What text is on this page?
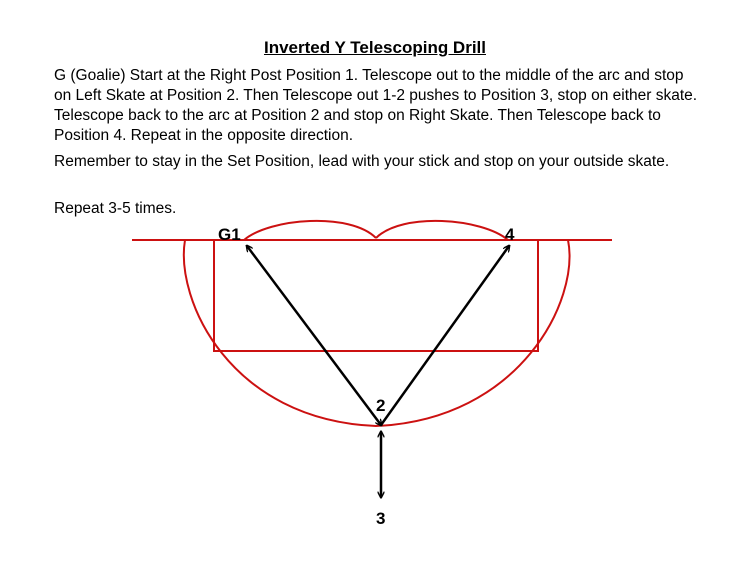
Inverted Y Telescoping Drill

G (Goalie) Start at the Right Post Position 1. Telescope out to the middle of the arc and stop on Left Skate at Position 2. Then Telescope out 1-2 pushes to Position 3, stop on either skate. Telescope back to the arc at Position 2 and stop on Right Skate. Then Telescope back to Position 4. Repeat in the opposite direction.

Remember to stay in the Set Position, lead with your stick and stop on your outside skate.

Repeat 3-5 times.

G1	4
2
3
